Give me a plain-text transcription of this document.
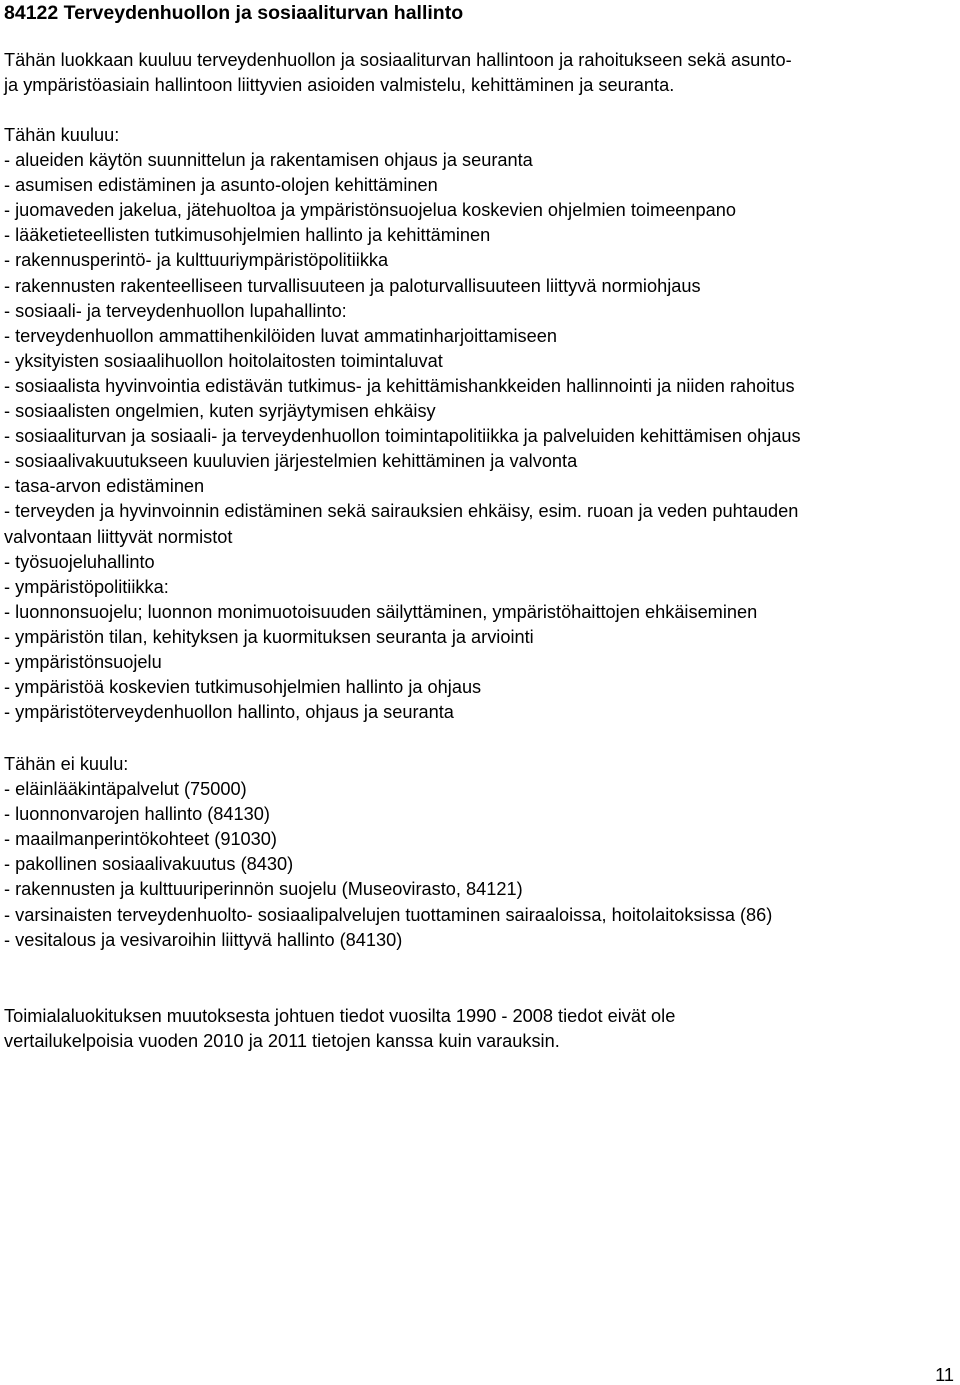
84122 Terveydenhuollon ja sosiaaliturvan hallinto
Tähän luokkaan kuuluu terveydenhuollon ja sosiaaliturvan hallintoon ja rahoitukseen sekä asunto-
ja ympäristöasiain hallintoon liittyvien asioiden valmistelu, kehittäminen ja seuranta.
Tähän kuuluu:
- alueiden käytön suunnittelun ja rakentamisen ohjaus ja seuranta
- asumisen edistäminen ja asunto-olojen kehittäminen
- juomaveden jakelua, jätehuoltoa ja ympäristönsuojelua koskevien ohjelmien toimeenpano
- lääketieteellisten tutkimusohjelmien hallinto ja kehittäminen
- rakennusperintö- ja kulttuuriympäristöpolitiikka
- rakennusten rakenteelliseen turvallisuuteen ja paloturvallisuuteen liittyvä normiohjaus
- sosiaali- ja terveydenhuollon lupahallinto:
- terveydenhuollon ammattihenkilöiden luvat ammatinharjoittamiseen
- yksityisten sosiaalihuollon hoitolaitosten toimintaluvat
- sosiaalista hyvinvointia edistävän tutkimus- ja kehittämishankkeiden hallinnointi ja niiden rahoitus
- sosiaalisten ongelmien, kuten syrjäytymisen ehkäisy
- sosiaaliturvan ja sosiaali- ja terveydenhuollon toimintapolitiikka ja palveluiden kehittämisen ohjaus
- sosiaalivakuutukseen kuuluvien järjestelmien kehittäminen ja valvonta
- tasa-arvon edistäminen
- terveyden ja hyvinvoinnin edistäminen sekä sairauksien ehkäisy, esim. ruoan ja veden puhtauden
valvontaan liittyvät normistot
- työsuojeluhallinto
- ympäristöpolitiikka:
- luonnonsuojelu; luonnon monimuotoisuuden säilyttäminen, ympäristöhaittojen ehkäiseminen
- ympäristön tilan, kehityksen ja kuormituksen seuranta ja arviointi
- ympäristönsuojelu
- ympäristöä koskevien tutkimusohjelmien hallinto ja ohjaus
- ympäristöterveydenhuollon hallinto, ohjaus ja seuranta
Tähän ei kuulu:
- eläinlääkintäpalvelut (75000)
- luonnonvarojen hallinto (84130)
- maailmanperintökohteet (91030)
- pakollinen sosiaalivakuutus (8430)
- rakennusten ja kulttuuriperinnön suojelu (Museovirasto, 84121)
- varsinaisten terveydenhuolto- sosiaalipalvelujen tuottaminen sairaaloissa, hoitolaitoksissa (86)
- vesitalous ja vesivaroihin liittyvä hallinto (84130)
Toimialaluokituksen muutoksesta johtuen tiedot vuosilta 1990 - 2008 tiedot eivät ole
vertailukelpoisia vuoden 2010 ja 2011 tietojen kanssa kuin varauksin.
11
